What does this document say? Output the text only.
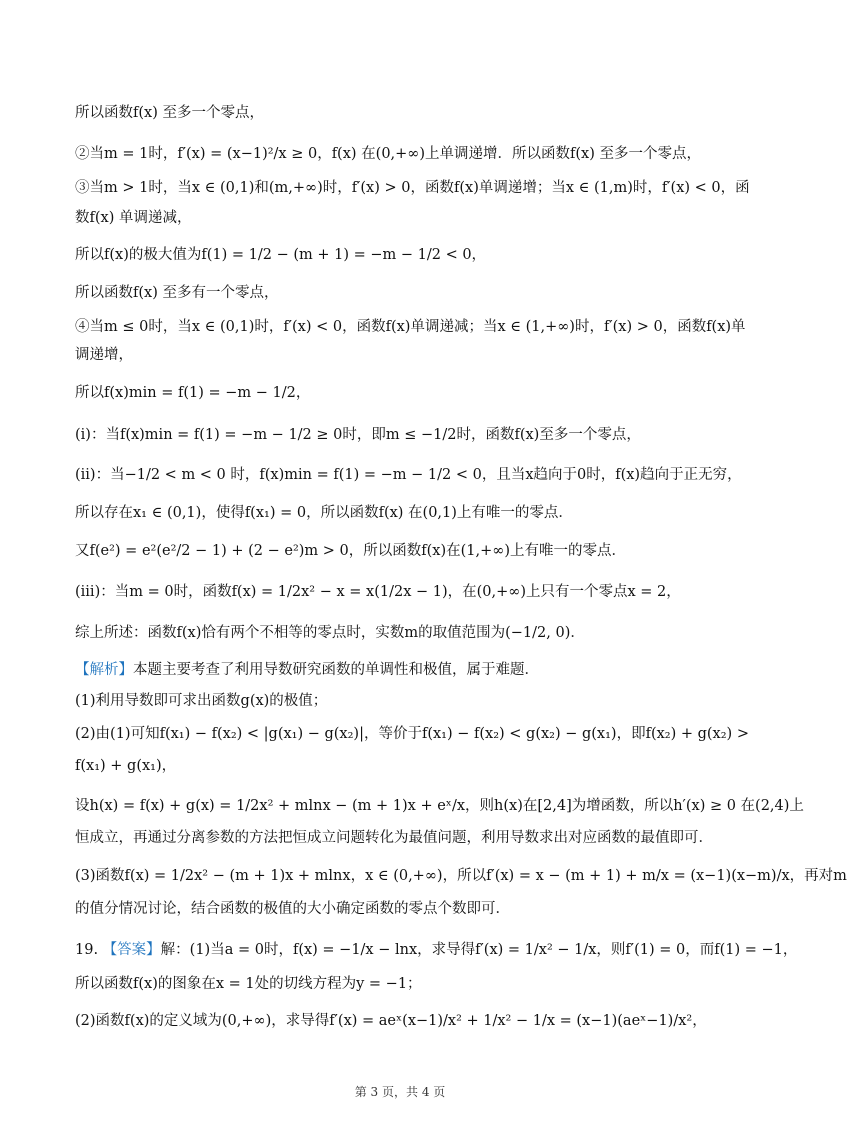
所以函数f(x) 至多一个零点，
②当m = 1时，f′(x) = (x−1)²/x ≥ 0，f(x) 在(0,+∞)上单调递增．所以函数f(x) 至多一个零点，
③当m > 1时，当x ∈ (0,1)和(m,+∞)时，f′(x) > 0，函数f(x)单调递增；当x ∈ (1,m)时，f′(x) < 0，函
数f(x) 单调递减，
所以f(x)的极大值为f(1) = 1/2 − (m + 1) = −m − 1/2 < 0，
所以函数f(x) 至多有一个零点，
④当m ≤ 0时，当x ∈ (0,1)时，f′(x) < 0，函数f(x)单调递减；当x ∈ (1,+∞)时，f′(x) > 0，函数f(x)单
调递增，
所以f(x)min = f(1) = −m − 1/2，
(i)：当f(x)min = f(1) = −m − 1/2 ≥ 0时，即m ≤ −1/2时，函数f(x)至多一个零点，
(ii)：当−1/2 < m < 0 时，f(x)min = f(1) = −m − 1/2 < 0，且当x趋向于0时，f(x)趋向于正无穷，
所以存在x₁ ∈ (0,1)，使得f(x₁) = 0，所以函数f(x) 在(0,1)上有唯一的零点．
又f(e²) = e²(e²/2 − 1) + (2 − e²)m > 0，所以函数f(x)在(1,+∞)上有唯一的零点．
(iii)：当m = 0时，函数f(x) = 1/2x² − x = x(1/2x − 1)，在(0,+∞)上只有一个零点x = 2，
综上所述：函数f(x)恰有两个不相等的零点时，实数m的取值范围为(−1/2, 0)．
【解析】本题主要考查了利用导数研究函数的单调性和极值，属于难题．
(1)利用导数即可求出函数g(x)的极值；
(2)由(1)可知f(x₁) − f(x₂) < |g(x₁) − g(x₂)|，等价于f(x₁) − f(x₂) < g(x₂) − g(x₁)，即f(x₂) + g(x₂) >
f(x₁) + g(x₁)，
设h(x) = f(x) + g(x) = 1/2x² + mlnx − (m + 1)x + eˣ/x，则h(x)在[2,4]为增函数，所以h′(x) ≥ 0 在(2,4)上
恒成立，再通过分离参数的方法把恒成立问题转化为最值问题，利用导数求出对应函数的最值即可．
(3)函数f(x) = 1/2x² − (m + 1)x + mlnx，x ∈ (0,+∞)，所以f′(x) = x − (m + 1) + m/x = (x−1)(x−m)/x，再对m
的值分情况讨论，结合函数的极值的大小确定函数的零点个数即可．
19. 【答案】解：(1)当a = 0时，f(x) = −1/x − lnx，求导得f′(x) = 1/x² − 1/x，则f′(1) = 0，而f(1) = −1，
所以函数f(x)的图象在x = 1处的切线方程为y = −1；
(2)函数f(x)的定义域为(0,+∞)，求导得f′(x) = aeˣ(x−1)/x² + 1/x² − 1/x = (x−1)(aeˣ−1)/x²，
第 3 页，共 4 页
